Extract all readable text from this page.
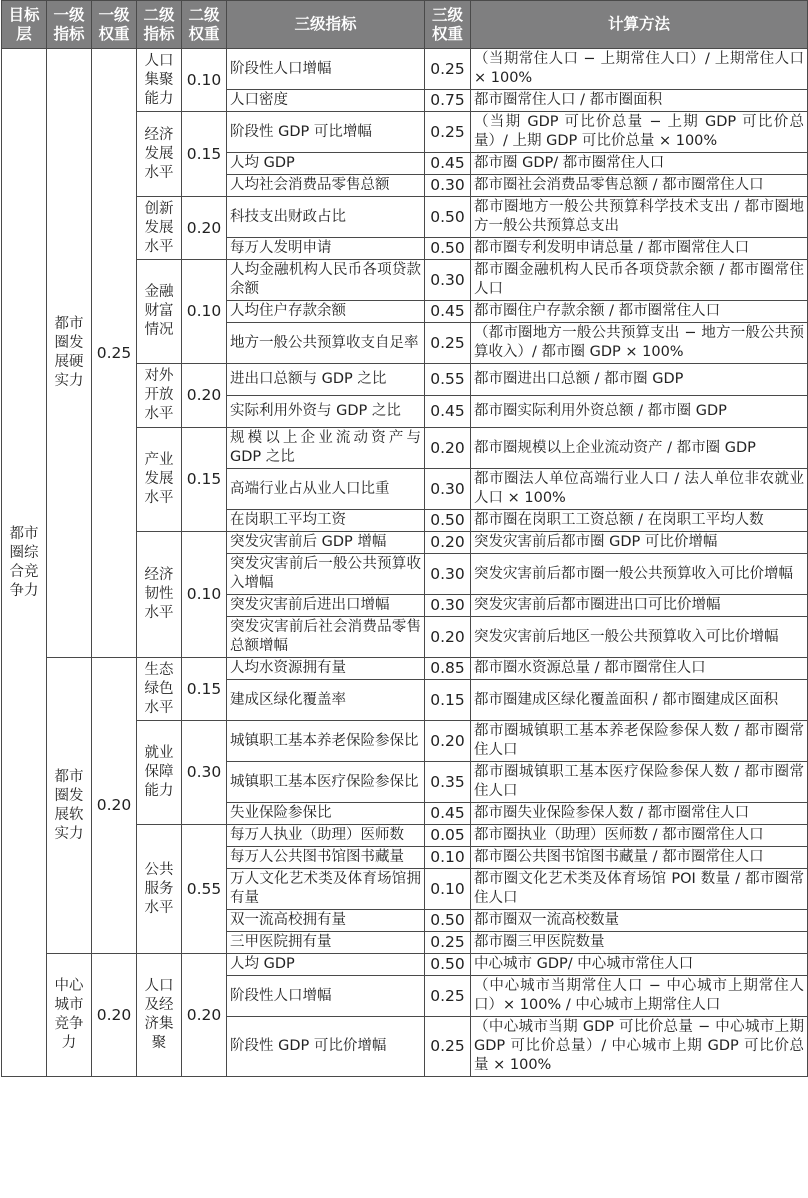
目标层	一级指标	一级权重	二级指标	二级权重	三级指标	三级权重	计算方法
都市圈综合竞争力	都市圈发展硬实力	0.25	人口集聚能力	0.10	阶段性人口增幅	0.25	（当期常住人口 − 上期常住人口）/ 上期常住人口 × 100%
					人口密度	0.75	都市圈常住人口 / 都市圈面积
			经济发展水平	0.15	阶段性 GDP 可比增幅	0.25	（当期 GDP 可比价总量 − 上期 GDP 可比价总量）/ 上期 GDP 可比价总量 × 100%
					人均 GDP	0.45	都市圈 GDP/ 都市圈常住人口
					人均社会消费品零售总额	0.30	都市圈社会消费品零售总额 / 都市圈常住人口
			创新发展水平	0.20	科技支出财政占比	0.50	都市圈地方一般公共预算科学技术支出 / 都市圈地方一般公共预算总支出
					每万人发明申请	0.50	都市圈专利发明申请总量 / 都市圈常住人口
			金融财富情况	0.10	人均金融机构人民币各项贷款余额	0.30	都市圈金融机构人民币各项贷款余额 / 都市圈常住人口
					人均住户存款余额	0.45	都市圈住户存款余额 / 都市圈常住人口
					地方一般公共预算收支自足率	0.25	（都市圈地方一般公共预算支出 − 地方一般公共预算收入）/ 都市圈 GDP × 100%
			对外开放水平	0.20	进出口总额与 GDP 之比	0.55	都市圈进出口总额 / 都市圈 GDP
					实际利用外资与 GDP 之比	0.45	都市圈实际利用外资总额 / 都市圈 GDP
			产业发展水平	0.15	规模以上企业流动资产与 GDP 之比	0.20	都市圈规模以上企业流动资产 / 都市圈 GDP
					高端行业占从业人口比重	0.30	都市圈法人单位高端行业人口 / 法人单位非农就业人口 × 100%
					在岗职工平均工资	0.50	都市圈在岗职工工资总额 / 在岗职工平均人数
			经济韧性水平	0.10	突发灾害前后 GDP 增幅	0.20	突发灾害前后都市圈 GDP 可比价增幅
					突发灾害前后一般公共预算收入增幅	0.30	突发灾害前后都市圈一般公共预算收入可比价增幅
					突发灾害前后进出口增幅	0.30	突发灾害前后都市圈进出口可比价增幅
					突发灾害前后社会消费品零售总额增幅	0.20	突发灾害前后地区一般公共预算收入可比价增幅
	都市圈发展软实力	0.20	生态绿色水平	0.15	人均水资源拥有量	0.85	都市圈水资源总量 / 都市圈常住人口
					建成区绿化覆盖率	0.15	都市圈建成区绿化覆盖面积 / 都市圈建成区面积
			就业保障能力	0.30	城镇职工基本养老保险参保比	0.20	都市圈城镇职工基本养老保险参保人数 / 都市圈常住人口
					城镇职工基本医疗保险参保比	0.35	都市圈城镇职工基本医疗保险参保人数 / 都市圈常住人口
					失业保险参保比	0.45	都市圈失业保险参保人数 / 都市圈常住人口
			公共服务水平	0.55	每万人执业（助理）医师数	0.05	都市圈执业（助理）医师数 / 都市圈常住人口
					每万人公共图书馆图书藏量	0.10	都市圈公共图书馆图书藏量 / 都市圈常住人口
					万人文化艺术类及体育场馆拥有量	0.10	都市圈文化艺术类及体育场馆 POI 数量 / 都市圈常住人口
					双一流高校拥有量	0.50	都市圈双一流高校数量
					三甲医院拥有量	0.25	都市圈三甲医院数量
	中心城市竞争力	0.20	人口及经济集聚	0.20	人均 GDP	0.50	中心城市 GDP/ 中心城市常住人口
					阶段性人口增幅	0.25	（中心城市当期常住人口 − 中心城市上期常住人口）× 100% / 中心城市上期常住人口
					阶段性 GDP 可比价增幅	0.25	（中心城市当期 GDP 可比价总量 − 中心城市上期 GDP 可比价总量）/ 中心城市上期 GDP 可比价总量 × 100%
